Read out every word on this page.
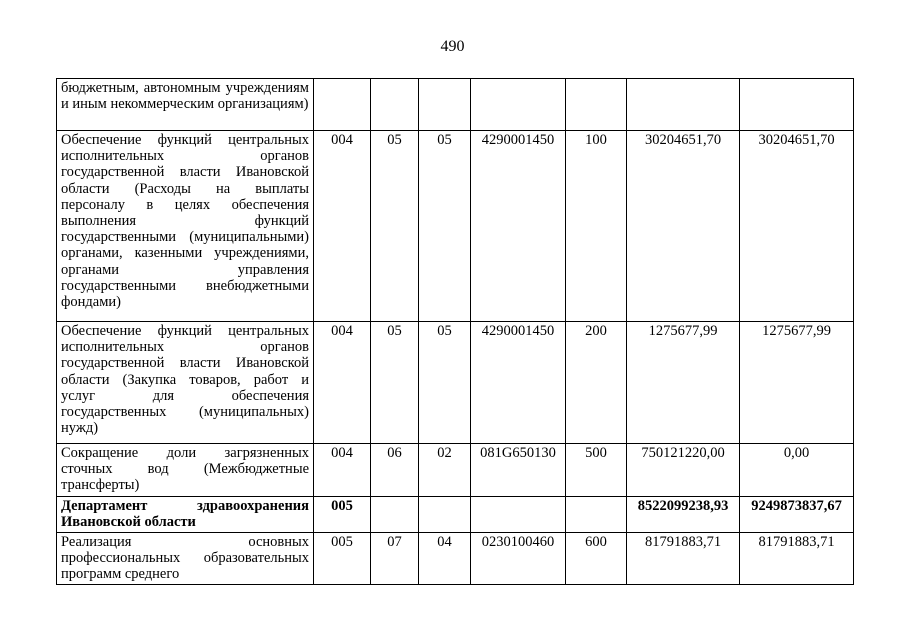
490
бюджетным, автономным учреждениям и иным некоммерческим организациям)							
Обеспечение функций центральных исполнительных органов государственной власти Ивановской области (Расходы на выплаты персоналу в целях обеспечения выполнения функций государственными (муниципальными) органами, казенными учреждениями, органами управления государственными внебюджетными фондами)	004	05	05	4290001450	100	30204651,70	30204651,70
Обеспечение функций центральных исполнительных органов государственной власти Ивановской области (Закупка товаров, работ и услуг для обеспечения государственных (муниципальных) нужд)	004	05	05	4290001450	200	1275677,99	1275677,99
Сокращение доли загрязненных сточных вод (Межбюджетные трансферты)	004	06	02	081G650130	500	750121220,00	0,00
Департамент здравоохранения Ивановской области	005					8522099238,93	9249873837,67
Реализация основных профессиональных образовательных программ среднего	005	07	04	0230100460	600	81791883,71	81791883,71
